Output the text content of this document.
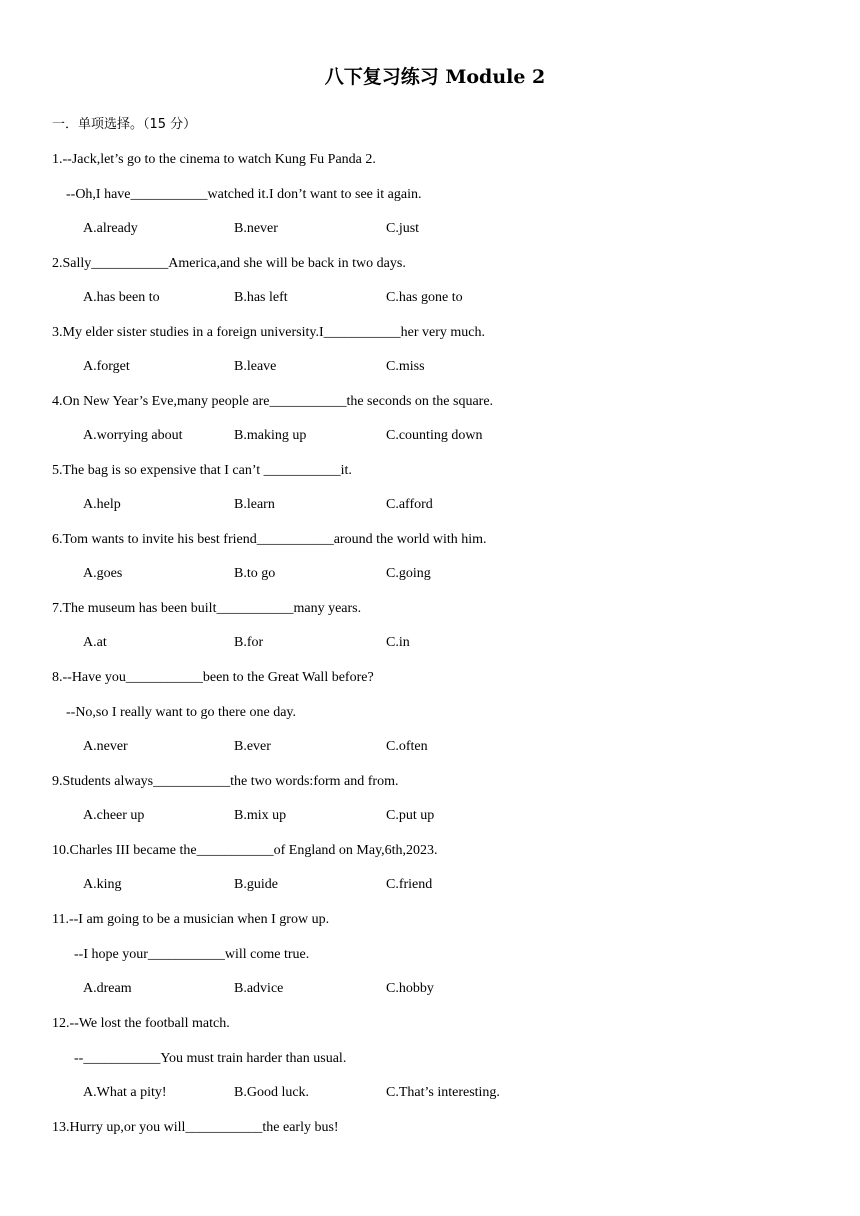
八下复习练习 Module 2
一．单项选择。（15 分）
1.--Jack,let’s go to the cinema to watch Kung Fu Panda 2.
--Oh,I have___________watched it.I don’t want to see it again.
A.already	B.never	C.just
2.Sally___________America,and she will be back in two days.
A.has been to	B.has left	C.has gone to
3.My elder sister studies in a foreign university.I___________her very much.
A.forget	B.leave	C.miss
4.On New Year’s Eve,many people are___________the seconds on the square.
A.worrying about	B.making up	C.counting down
5.The bag is so expensive that I can’t ___________it.
A.help	B.learn	C.afford
6.Tom wants to invite his best friend___________around the world with him.
A.goes	B.to go	C.going
7.The museum has been built___________many years.
A.at	B.for	C.in
8.--Have you___________been to the Great Wall before?
--No,so I really want to go there one day.
A.never	B.ever	C.often
9.Students always___________the two words:form and from.
A.cheer up	B.mix up	C.put up
10.Charles III became the___________of England on May,6th,2023.
A.king	B.guide	C.friend
11.--I am going to be a musician when I grow up.
--I hope your___________will come true.
A.dream	B.advice	C.hobby
12.--We lost the football match.
--___________You must train harder than usual.
A.What a pity!	B.Good luck.	C.That’s interesting.
13.Hurry up,or you will___________the early bus!
